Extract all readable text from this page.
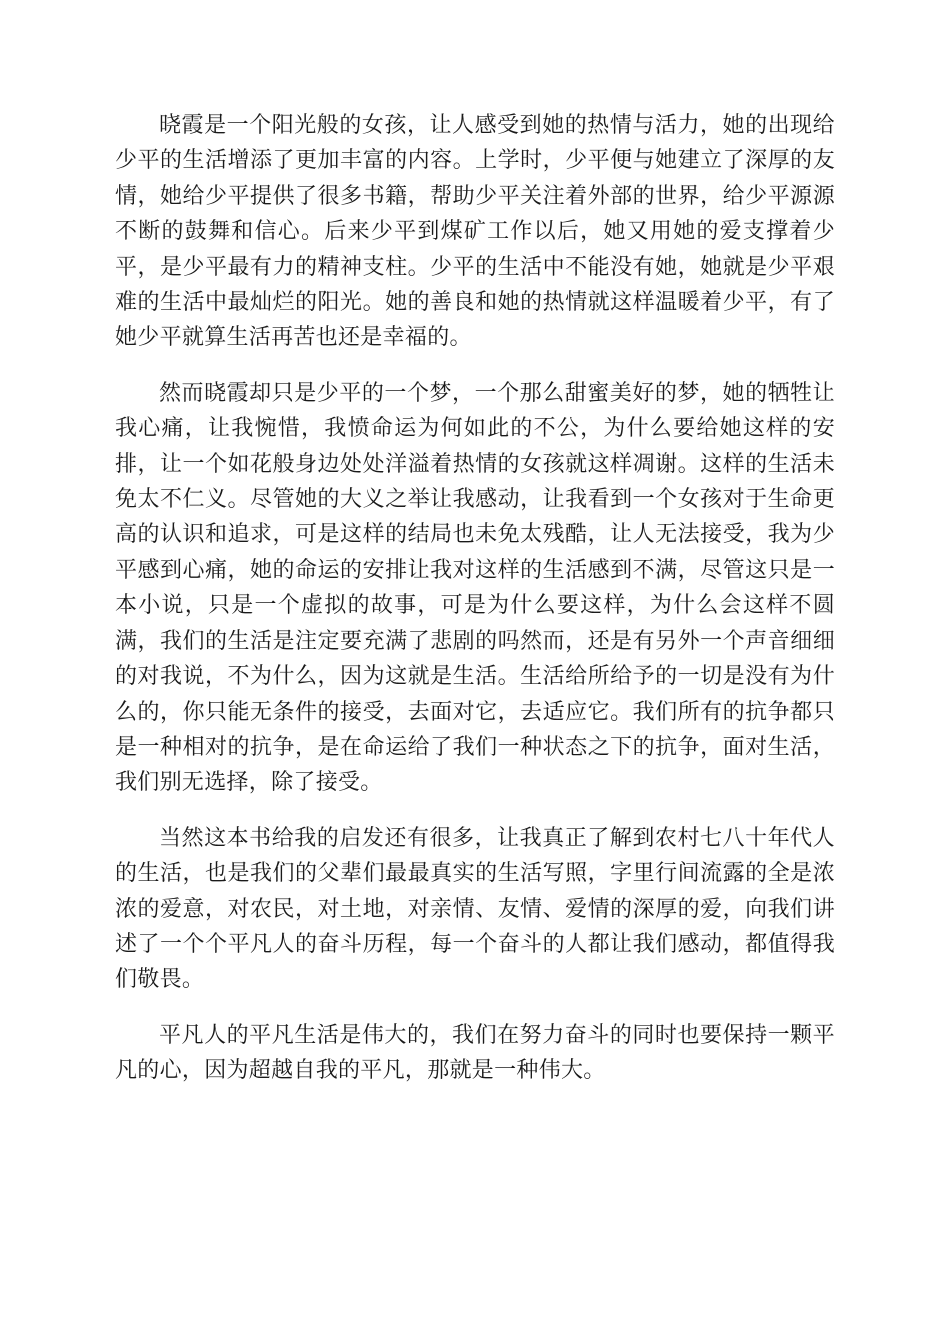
晓霞是一个阳光般的女孩，让人感受到她的热情与活力，她的出现给少平的生活增添了更加丰富的内容。上学时，少平便与她建立了深厚的友情，她给少平提供了很多书籍，帮助少平关注着外部的世界，给少平源源不断的鼓舞和信心。后来少平到煤矿工作以后，她又用她的爱支撑着少平，是少平最有力的精神支柱。少平的生活中不能没有她，她就是少平艰难的生活中最灿烂的阳光。她的善良和她的热情就这样温暖着少平，有了她少平就算生活再苦也还是幸福的。

然而晓霞却只是少平的一个梦，一个那么甜蜜美好的梦，她的牺牲让我心痛，让我惋惜，我愤命运为何如此的不公，为什么要给她这样的安排，让一个如花般身边处处洋溢着热情的女孩就这样凋谢。这样的生活未免太不仁义。尽管她的大义之举让我感动，让我看到一个女孩对于生命更高的认识和追求，可是这样的结局也未免太残酷，让人无法接受，我为少平感到心痛，她的命运的安排让我对这样的生活感到不满，尽管这只是一本小说，只是一个虚拟的故事，可是为什么要这样，为什么会这样不圆满，我们的生活是注定要充满了悲剧的吗然而，还是有另外一个声音细细的对我说，不为什么，因为这就是生活。生活给所给予的一切是没有为什么的，你只能无条件的接受，去面对它，去适应它。我们所有的抗争都只是一种相对的抗争，是在命运给了我们一种状态之下的抗争，面对生活，我们别无选择，除了接受。

当然这本书给我的启发还有很多，让我真正了解到农村七八十年代人的生活，也是我们的父辈们最最真实的生活写照，字里行间流露的全是浓浓的爱意，对农民，对土地，对亲情、友情、爱情的深厚的爱，向我们讲述了一个个平凡人的奋斗历程，每一个奋斗的人都让我们感动，都值得我们敬畏。

平凡人的平凡生活是伟大的，我们在努力奋斗的同时也要保持一颗平凡的心，因为超越自我的平凡，那就是一种伟大。
